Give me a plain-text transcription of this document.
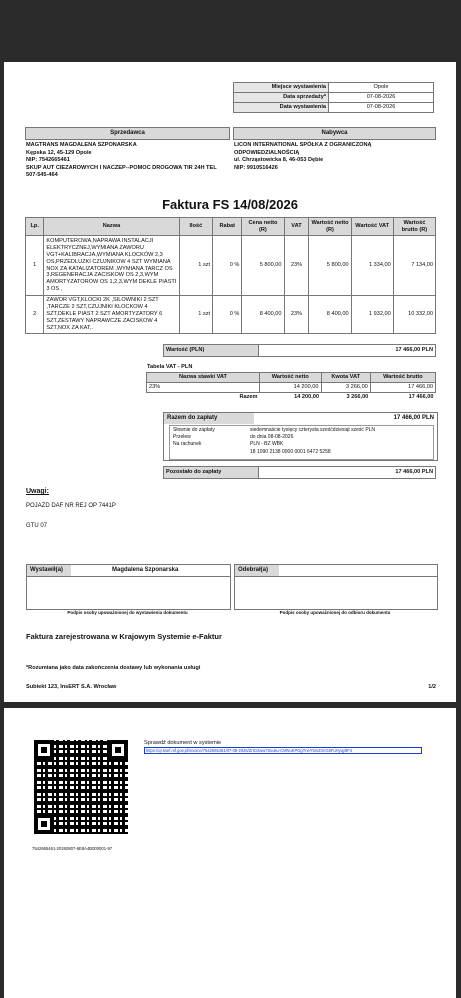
Miejsce wystawienia	Opole
Data sprzedaży*	07-08-2026
Data wystawienia	07-08-2026
Sprzedawca	Nabywca
MAGTRANS MAGDALENA SZPONARSKA
Kępska 12, 45-129 Opole
NIP: 7542665461
SKUP AUT CIEZAROWYCH I NACZEP--POMOC DROGOWA TIR 24H TEL
507-545-464
LICON INTERNATIONAL SPÓŁKA Z OGRANICZONĄ
ODPOWIEDZIALNOŚCIĄ
ul. Chrząstowicka 8, 46-053 Dębie
NIP: 9910516426
Faktura FS 14/08/2026
Lp.	Nazwa	Ilość	Rabat	Cena netto (R)	VAT	Wartość netto (R)	Wartość VAT	Wartość brutto (R)
1	KOMPUTEROWA,NAPRAWA INSTALACJI ELEKTRYCZNEJ,WYMIANA ZAWORU VGT+KALIBRACJA,WYMIANA KLOCKÓW 2,3 OS,PRZEDLUZKI CZUJNIKOW 4 SZT WYMIANA NOX ZA KATALIZATOREM ,WYMIANA TARCZ OS 3,REGENERACJA ZACISKOW OS 2,3,WYM AMORTYZATOROW OS 1,2,3,WYM DEKLE PIASTI 3 OS ,	1 szt	0 %	5 800,00	23%	5 800,00	1 334,00	7 134,00
2	ZAWOR VGT,KLOCKI 2K ,SILOWNIKI 2 SZT ,TARCZE 2 SZT,CZUJNIKI KLOCKOW 4 SZT,DEKLE PIAST 2 SZT AMORTYZATORY 6 SZT,ZESTAWY NAPRAWCZE ZACISKOW 4 SZT,NOX ZA KAT,.	1 szt	0 %	8 400,00	23%	8 400,00	1 932,00	10 332,00
Wartość (PLN)	17 466,00 PLN
Tabela VAT - PLN
Nazwa stawki VAT	Wartość netto	Kwota VAT	Wartość brutto
23%	14 200,00	3 266,00	17 466,00
Razem	14 200,00	3 266,00	17 466,00
Razem do zapłaty	17 466,00 PLN
Słownie do zapłaty	siedemnaście tysięcy czterysta sześćdziesiąt sześć PLN
Przelew	do dnia 08-08-2026
Na rachunek	PLN - BZ WBK
18 1090 2138 0000 0001 6472 5258
Pozostało do zapłaty	17 466,00 PLN
Uwagi:
POJAZD DAF NR REJ OP 7441P
GTU 07
Wystawił(a)	Magdalena Szponarska
Podpis osoby upoważnionej do wystawienia dokumentu
Odebrał(a)
Podpis osoby upoważnionej do odbioru dokumentu
Faktura zarejestrowana w Krajowym Systemie e-Faktur
*Rozumiana jako data zakończenia dostawy lub wykonania usługi
Subiekt 123, InsERT S.A. Wrocław	1/2
7542665461-20260807-6E8A4B000001-97
Sprawdź dokument w systemie
https://qr.ksef.mf.gov.pl/invoice/7542665461/07-08-2026/ZrIO2ww7Sxuku-CMNuKPGgTneY5mZrmG5FuHyqy9F4
